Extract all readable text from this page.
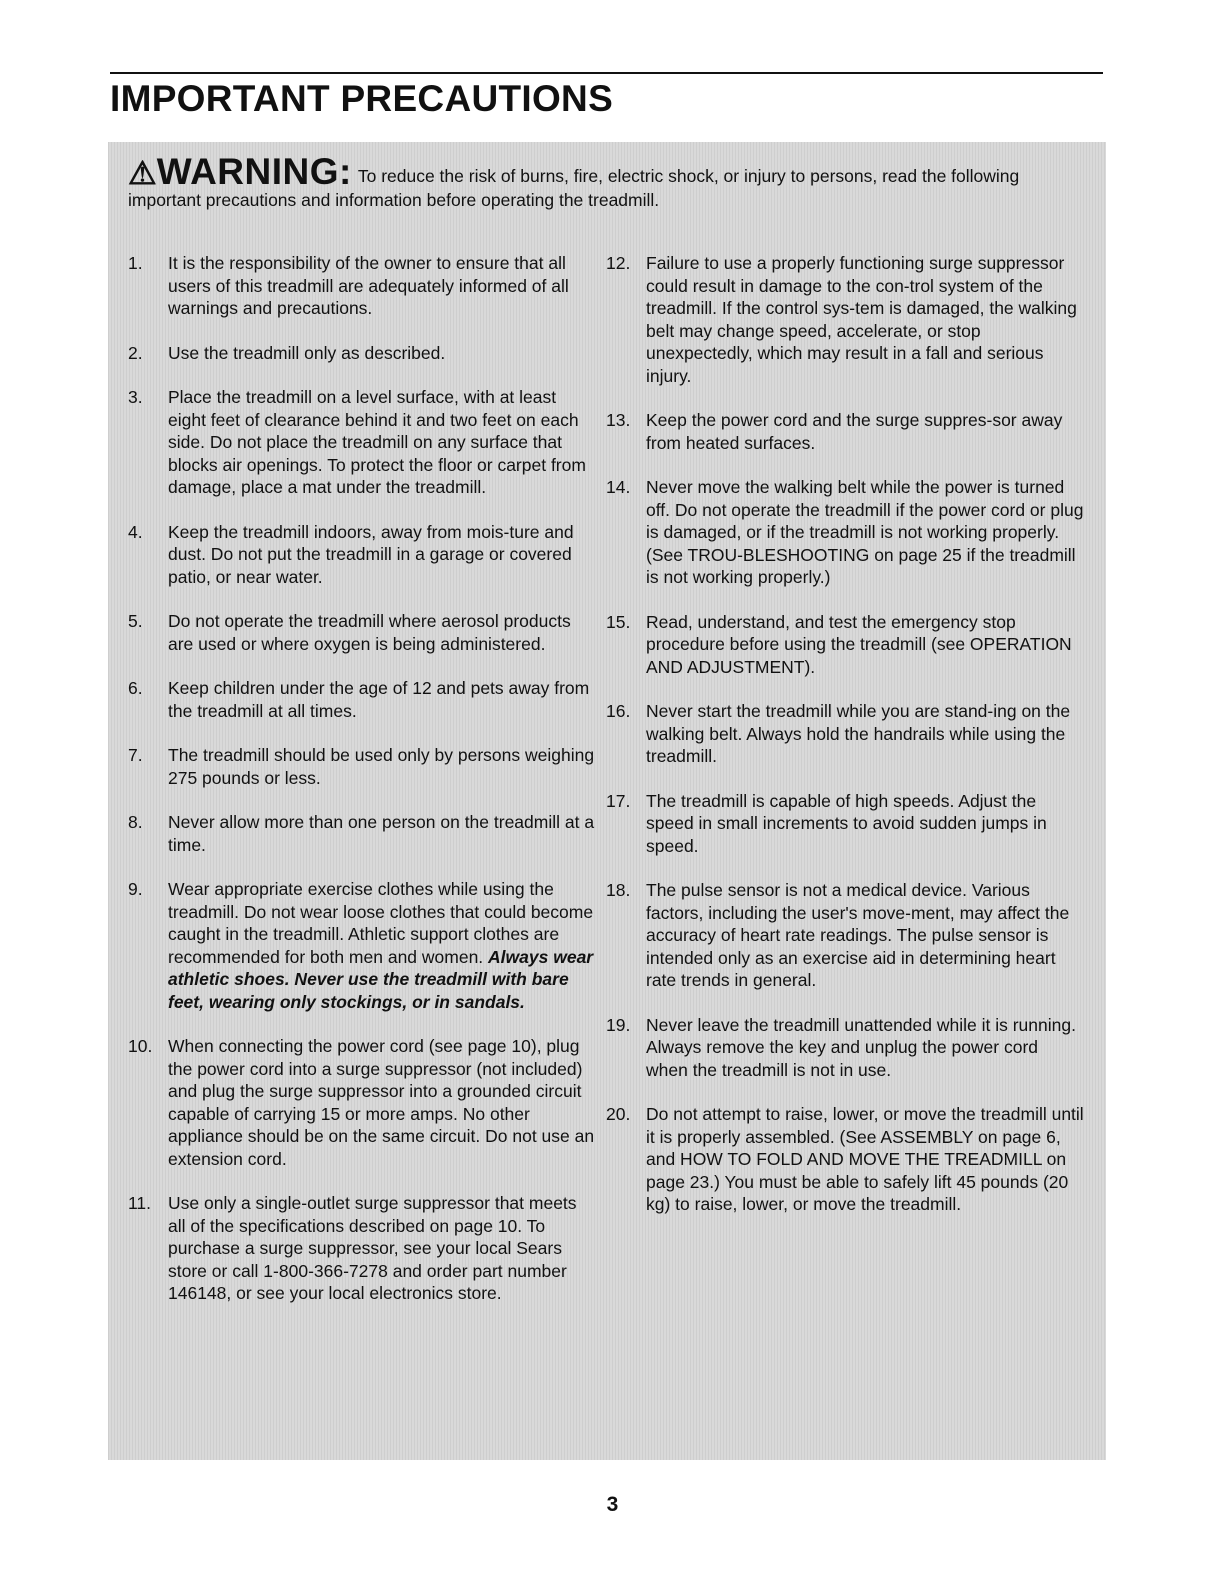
IMPORTANT PRECAUTIONS
⚠WARNING: To reduce the risk of burns, fire, electric shock, or injury to persons, read the following important precautions and information before operating the treadmill.
1. It is the responsibility of the owner to ensure that all users of this treadmill are adequately informed of all warnings and precautions.
2. Use the treadmill only as described.
3. Place the treadmill on a level surface, with at least eight feet of clearance behind it and two feet on each side. Do not place the treadmill on any surface that blocks air openings. To protect the floor or carpet from damage, place a mat under the treadmill.
4. Keep the treadmill indoors, away from mois-ture and dust. Do not put the treadmill in a garage or covered patio, or near water.
5. Do not operate the treadmill where aerosol products are used or where oxygen is being administered.
6. Keep children under the age of 12 and pets away from the treadmill at all times.
7. The treadmill should be used only by persons weighing 275 pounds or less.
8. Never allow more than one person on the treadmill at a time.
9. Wear appropriate exercise clothes while using the treadmill. Do not wear loose clothes that could become caught in the treadmill. Athletic support clothes are recommended for both men and women. Always wear athletic shoes. Never use the treadmill with bare feet, wearing only stockings, or in sandals.
10. When connecting the power cord (see page 10), plug the power cord into a surge suppressor (not included) and plug the surge suppressor into a grounded circuit capable of carrying 15 or more amps. No other appliance should be on the same circuit. Do not use an extension cord.
11. Use only a single-outlet surge suppressor that meets all of the specifications described on page 10. To purchase a surge suppressor, see your local Sears store or call 1-800-366-7278 and order part number 146148, or see your local electronics store.
12. Failure to use a properly functioning surge suppressor could result in damage to the con-trol system of the treadmill. If the control sys-tem is damaged, the walking belt may change speed, accelerate, or stop unexpectedly, which may result in a fall and serious injury.
13. Keep the power cord and the surge suppres-sor away from heated surfaces.
14. Never move the walking belt while the power is turned off. Do not operate the treadmill if the power cord or plug is damaged, or if the treadmill is not working properly. (See TROU-BLESHOOTING on page 25 if the treadmill is not working properly.)
15. Read, understand, and test the emergency stop procedure before using the treadmill (see OPERATION AND ADJUSTMENT).
16. Never start the treadmill while you are stand-ing on the walking belt. Always hold the handrails while using the treadmill.
17. The treadmill is capable of high speeds. Adjust the speed in small increments to avoid sudden jumps in speed.
18. The pulse sensor is not a medical device. Various factors, including the user's move-ment, may affect the accuracy of heart rate readings. The pulse sensor is intended only as an exercise aid in determining heart rate trends in general.
19. Never leave the treadmill unattended while it is running. Always remove the key and unplug the power cord when the treadmill is not in use.
20. Do not attempt to raise, lower, or move the treadmill until it is properly assembled. (See ASSEMBLY on page 6, and HOW TO FOLD AND MOVE THE TREADMILL on page 23.) You must be able to safely lift 45 pounds (20 kg) to raise, lower, or move the treadmill.
3
